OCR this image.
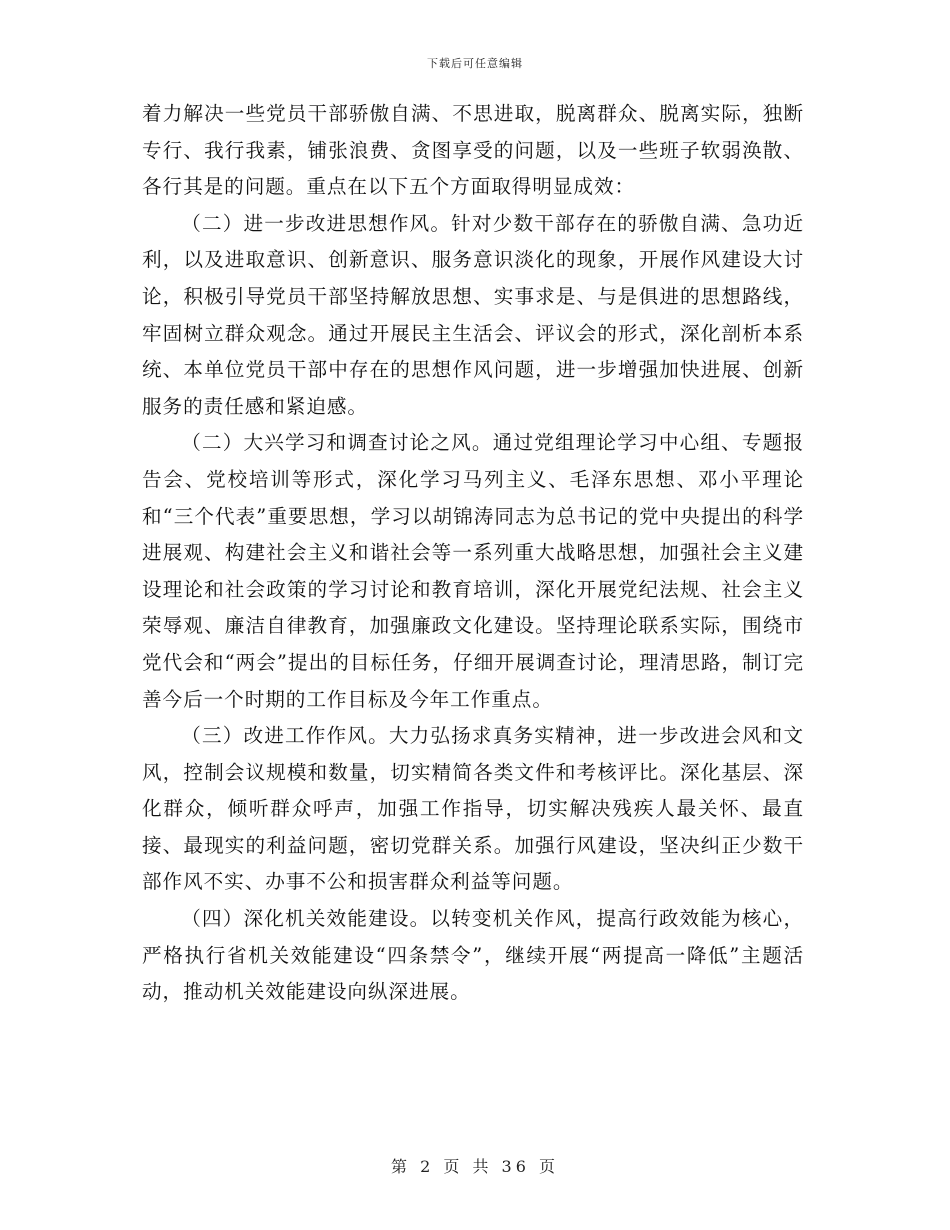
下载后可任意编辑

着力解决一些党员干部骄傲自满、不思进取，脱离群众、脱离实际，独断专行、我行我素，铺张浪费、贪图享受的问题，以及一些班子软弱涣散、各行其是的问题。重点在以下五个方面取得明显成效：

（二）进一步改进思想作风。针对少数干部存在的骄傲自满、急功近利，以及进取意识、创新意识、服务意识淡化的现象，开展作风建设大讨论，积极引导党员干部坚持解放思想、实事求是、与是俱进的思想路线，牢固树立群众观念。通过开展民主生活会、评议会的形式，深化剖析本系统、本单位党员干部中存在的思想作风问题，进一步增强加快进展、创新服务的责任感和紧迫感。

（二）大兴学习和调查讨论之风。通过党组理论学习中心组、专题报告会、党校培训等形式，深化学习马列主义、毛泽东思想、邓小平理论和“三个代表”重要思想，学习以胡锦涛同志为总书记的党中央提出的科学进展观、构建社会主义和谐社会等一系列重大战略思想，加强社会主义建设理论和社会政策的学习讨论和教育培训，深化开展党纪法规、社会主义荣辱观、廉洁自律教育，加强廉政文化建设。坚持理论联系实际，围绕市党代会和“两会”提出的目标任务，仔细开展调查讨论，理清思路，制订完善今后一个时期的工作目标及今年工作重点。

（三）改进工作作风。大力弘扬求真务实精神，进一步改进会风和文风，控制会议规模和数量，切实精简各类文件和考核评比。深化基层、深化群众，倾听群众呼声，加强工作指导，切实解决残疾人最关怀、最直接、最现实的利益问题，密切党群关系。加强行风建设，坚决纠正少数干部作风不实、办事不公和损害群众利益等问题。

（四）深化机关效能建设。以转变机关作风，提高行政效能为核心，严格执行省机关效能建设“四条禁令”，继续开展“两提高一降低”主题活动，推动机关效能建设向纵深进展。

第 2 页 共 36 页
